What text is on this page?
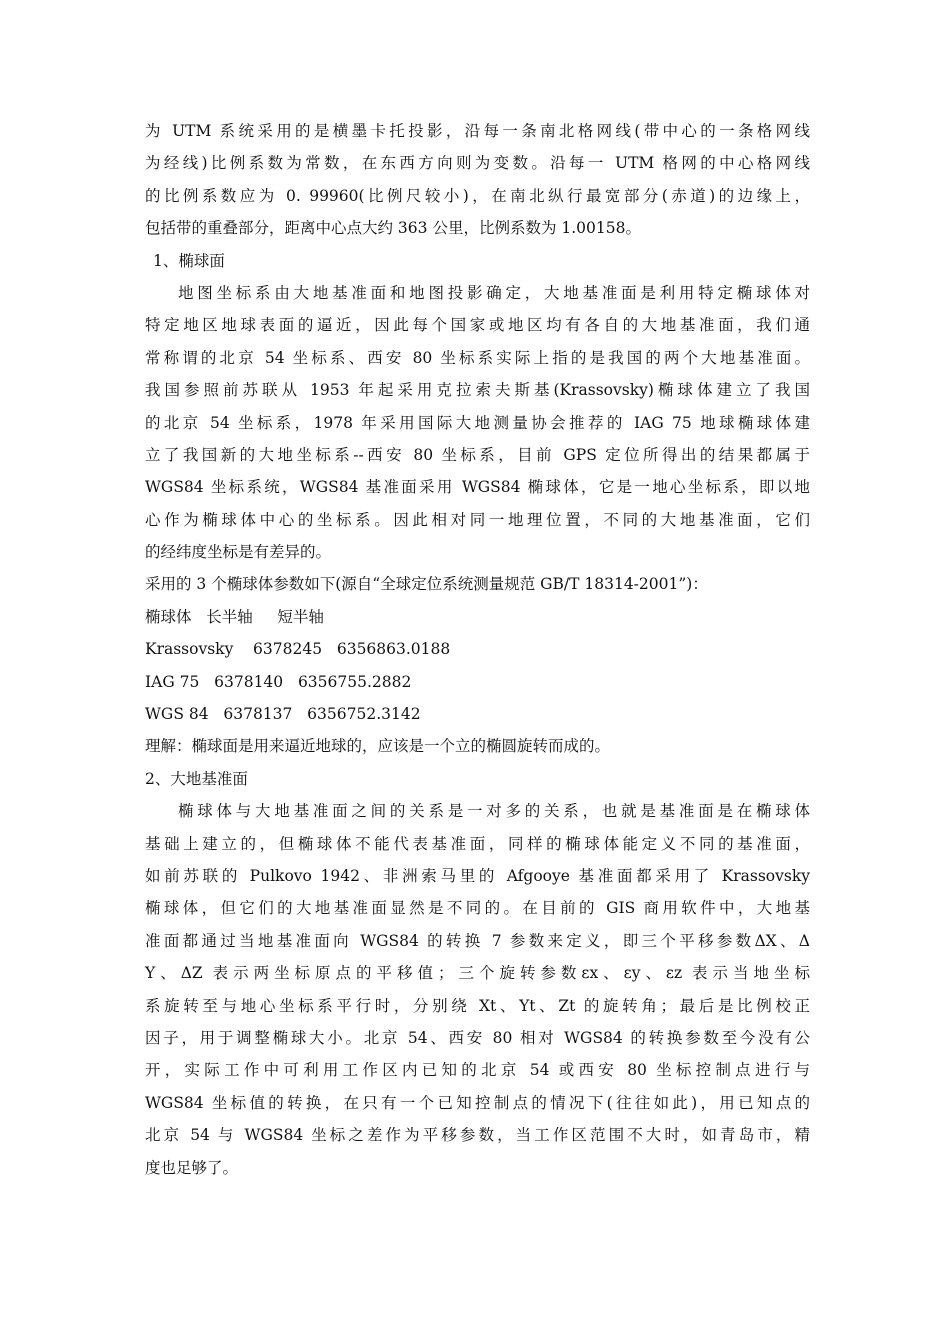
为 UTM 系统采用的是横墨卡托投影，沿每一条南北格网线(带中心的一条格网线
为经线)比例系数为常数，在东西方向则为变数。沿每一 UTM 格网的中心格网线
的比例系数应为 0. 99960(比例尺较小)，在南北纵行最宽部分(赤道)的边缘上，
包括带的重叠部分，距离中心点大约 363 公里，比例系数为 1.00158。
1、椭球面
地图坐标系由大地基准面和地图投影确定，大地基准面是利用特定椭球体对
特定地区地球表面的逼近，因此每个国家或地区均有各自的大地基准面，我们通
常称谓的北京 54 坐标系、西安 80 坐标系实际上指的是我国的两个大地基准面。
我国参照前苏联从 1953 年起采用克拉索夫斯基(Krassovsky)椭球体建立了我国
的北京 54 坐标系，1978 年采用国际大地测量协会推荐的 IAG 75 地球椭球体建
立了我国新的大地坐标系--西安 80 坐标系，目前 GPS 定位所得出的结果都属于
WGS84 坐标系统，WGS84 基准面采用 WGS84 椭球体，它是一地心坐标系，即以地
心作为椭球体中心的坐标系。因此相对同一地理位置，不同的大地基准面，它们
的经纬度坐标是有差异的。
采用的 3 个椭球体参数如下(源自“全球定位系统测量规范 GB/T 18314-2001”)：
椭球体   长半轴     短半轴
Krassovsky    6378245   6356863.0188
IAG 75   6378140   6356755.2882
WGS 84   6378137   6356752.3142
理解：椭球面是用来逼近地球的，应该是一个立的椭圆旋转而成的。
2、大地基准面
椭球体与大地基准面之间的关系是一对多的关系，也就是基准面是在椭球体
基础上建立的，但椭球体不能代表基准面，同样的椭球体能定义不同的基准面，
如前苏联的 Pulkovo 1942、非洲索马里的 Afgooye 基准面都采用了 Krassovsky
椭球体，但它们的大地基准面显然是不同的。在目前的 GIS 商用软件中，大地基
准面都通过当地基准面向 WGS84 的转换 7 参数来定义，即三个平移参数ΔX、Δ
Y、ΔZ 表示两坐标原点的平移值；三个旋转参数εx、εy、εz 表示当地坐标
系旋转至与地心坐标系平行时，分别绕 Xt、Yt、Zt 的旋转角；最后是比例校正
因子，用于调整椭球大小。北京 54、西安 80 相对 WGS84 的转换参数至今没有公
开，实际工作中可利用工作区内已知的北京 54 或西安 80 坐标控制点进行与
WGS84 坐标值的转换，在只有一个已知控制点的情况下(往往如此)，用已知点的
北京 54 与 WGS84 坐标之差作为平移参数，当工作区范围不大时，如青岛市，精
度也足够了。
